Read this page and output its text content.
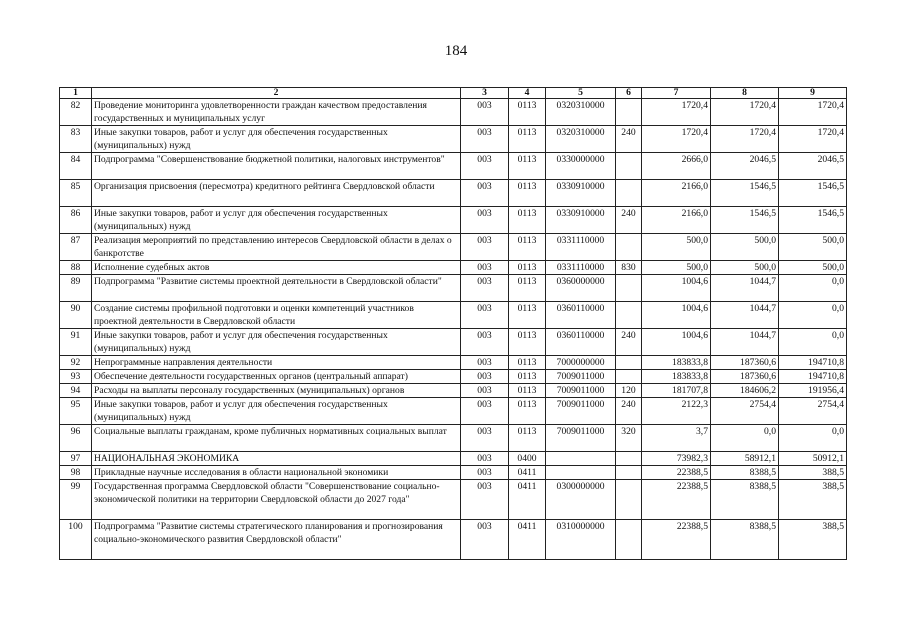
184
1	2	3	4	5	6	7	8	9
82	Проведение мониторинга удовлетворенности граждан качеством предоставления государственных и муниципальных услуг	003	0113	0320310000		1720,4	1720,4	1720,4
83	Иные закупки товаров, работ и услуг для обеспечения государственных (муниципальных) нужд	003	0113	0320310000	240	1720,4	1720,4	1720,4
84	Подпрограмма "Совершенствование бюджетной политики, налоговых инструментов"	003	0113	0330000000		2666,0	2046,5	2046,5
85	Организация присвоения (пересмотра) кредитного рейтинга Свердловской области	003	0113	0330910000		2166,0	1546,5	1546,5
86	Иные закупки товаров, работ и услуг для обеспечения государственных (муниципальных) нужд	003	0113	0330910000	240	2166,0	1546,5	1546,5
87	Реализация мероприятий по представлению интересов Свердловской области в делах о банкротстве	003	0113	0331110000		500,0	500,0	500,0
88	Исполнение судебных актов	003	0113	0331110000	830	500,0	500,0	500,0
89	Подпрограмма "Развитие системы проектной деятельности в Свердловской области"	003	0113	0360000000		1004,6	1044,7	0,0
90	Создание системы профильной подготовки и оценки компетенций участников проектной деятельности в Свердловской области	003	0113	0360110000		1004,6	1044,7	0,0
91	Иные закупки товаров, работ и услуг для обеспечения государственных (муниципальных) нужд	003	0113	0360110000	240	1004,6	1044,7	0,0
92	Непрограммные направления деятельности	003	0113	7000000000		183833,8	187360,6	194710,8
93	Обеспечение деятельности государственных органов (центральный аппарат)	003	0113	7009011000		183833,8	187360,6	194710,8
94	Расходы на выплаты персоналу государственных (муниципальных) органов	003	0113	7009011000	120	181707,8	184606,2	191956,4
95	Иные закупки товаров, работ и услуг для обеспечения государственных (муниципальных) нужд	003	0113	7009011000	240	2122,3	2754,4	2754,4
96	Социальные выплаты гражданам, кроме публичных нормативных социальных выплат	003	0113	7009011000	320	3,7	0,0	0,0
97	НАЦИОНАЛЬНАЯ ЭКОНОМИКА	003	0400			73982,3	58912,1	50912,1
98	Прикладные научные исследования в области национальной экономики	003	0411			22388,5	8388,5	388,5
99	Государственная программа Свердловской области "Совершенствование социально-экономической политики на территории Свердловской области до 2027 года"	003	0411	0300000000		22388,5	8388,5	388,5
100	Подпрограмма "Развитие системы стратегического планирования и прогнозирования социально-экономического развития Свердловской области"	003	0411	0310000000		22388,5	8388,5	388,5
